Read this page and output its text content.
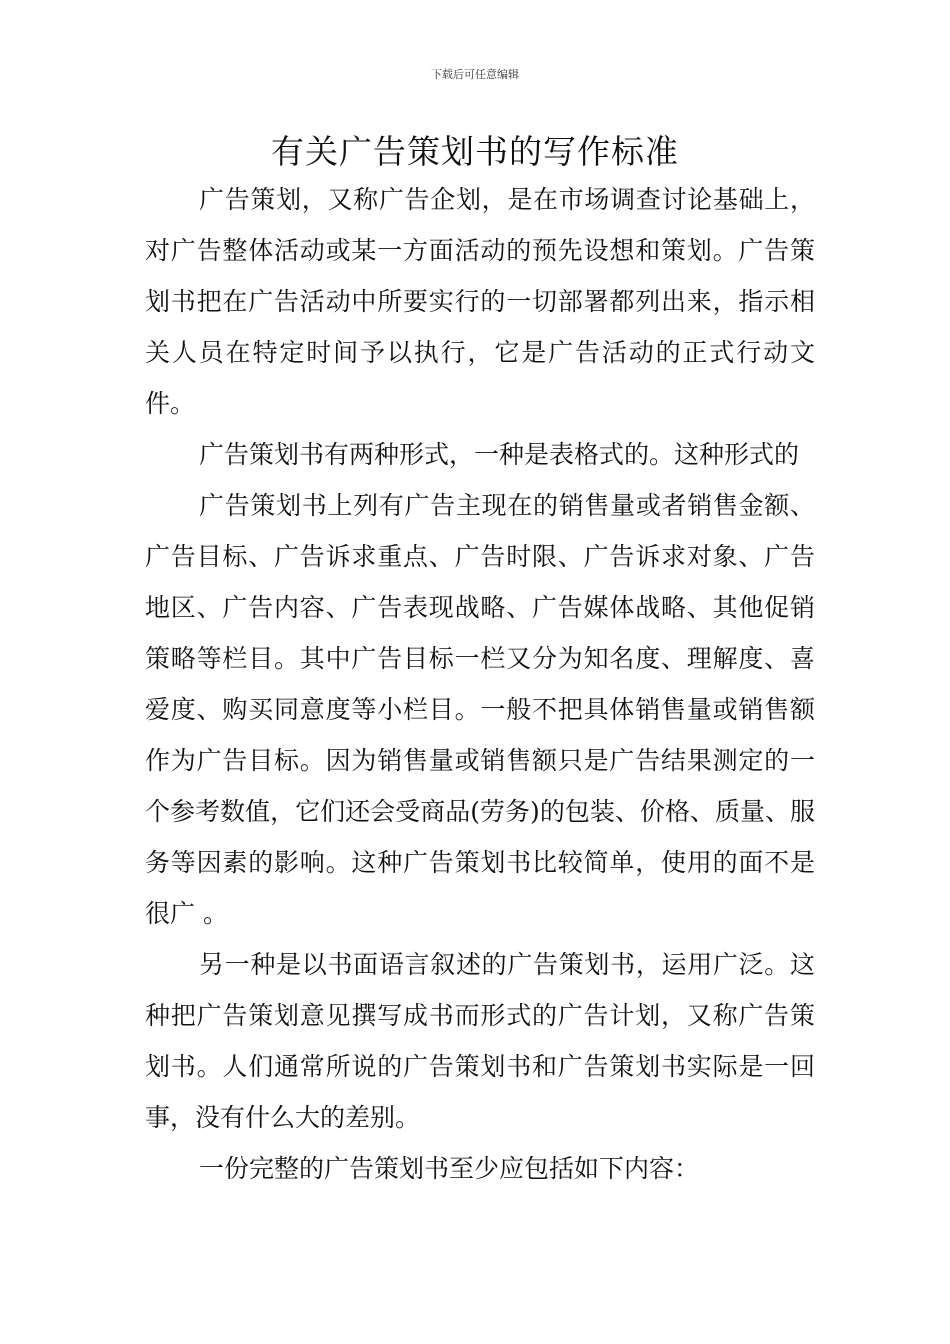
下载后可任意编辑
有关广告策划书的写作标准

广告策划，又称广告企划，是在市场调查讨论基础上，对广告整体活动或某一方面活动的预先设想和策划。广告策划书把在广告活动中所要实行的一切部署都列出来，指示相关人员在特定时间予以执行，它是广告活动的正式行动文件。

广告策划书有两种形式，一种是表格式的。这种形式的

广告策划书上列有广告主现在的销售量或者销售金额、广告目标、广告诉求重点、广告时限、广告诉求对象、广告地区、广告内容、广告表现战略、广告媒体战略、其他促销策略等栏目。其中广告目标一栏又分为知名度、理解度、喜爱度、购买同意度等小栏目。一般不把具体销售量或销售额作为广告目标。因为销售量或销售额只是广告结果测定的一个参考数值，它们还会受商品(劳务)的包装、价格、质量、服务等因素的影响。这种广告策划书比较简单，使用的面不是很广 。

另一种是以书面语言叙述的广告策划书，运用广泛。这种把广告策划意见撰写成书而形式的广告计划，又称广告策划书。人们通常所说的广告策划书和广告策划书实际是一回事，没有什么大的差别。

一份完整的广告策划书至少应包括如下内容：
